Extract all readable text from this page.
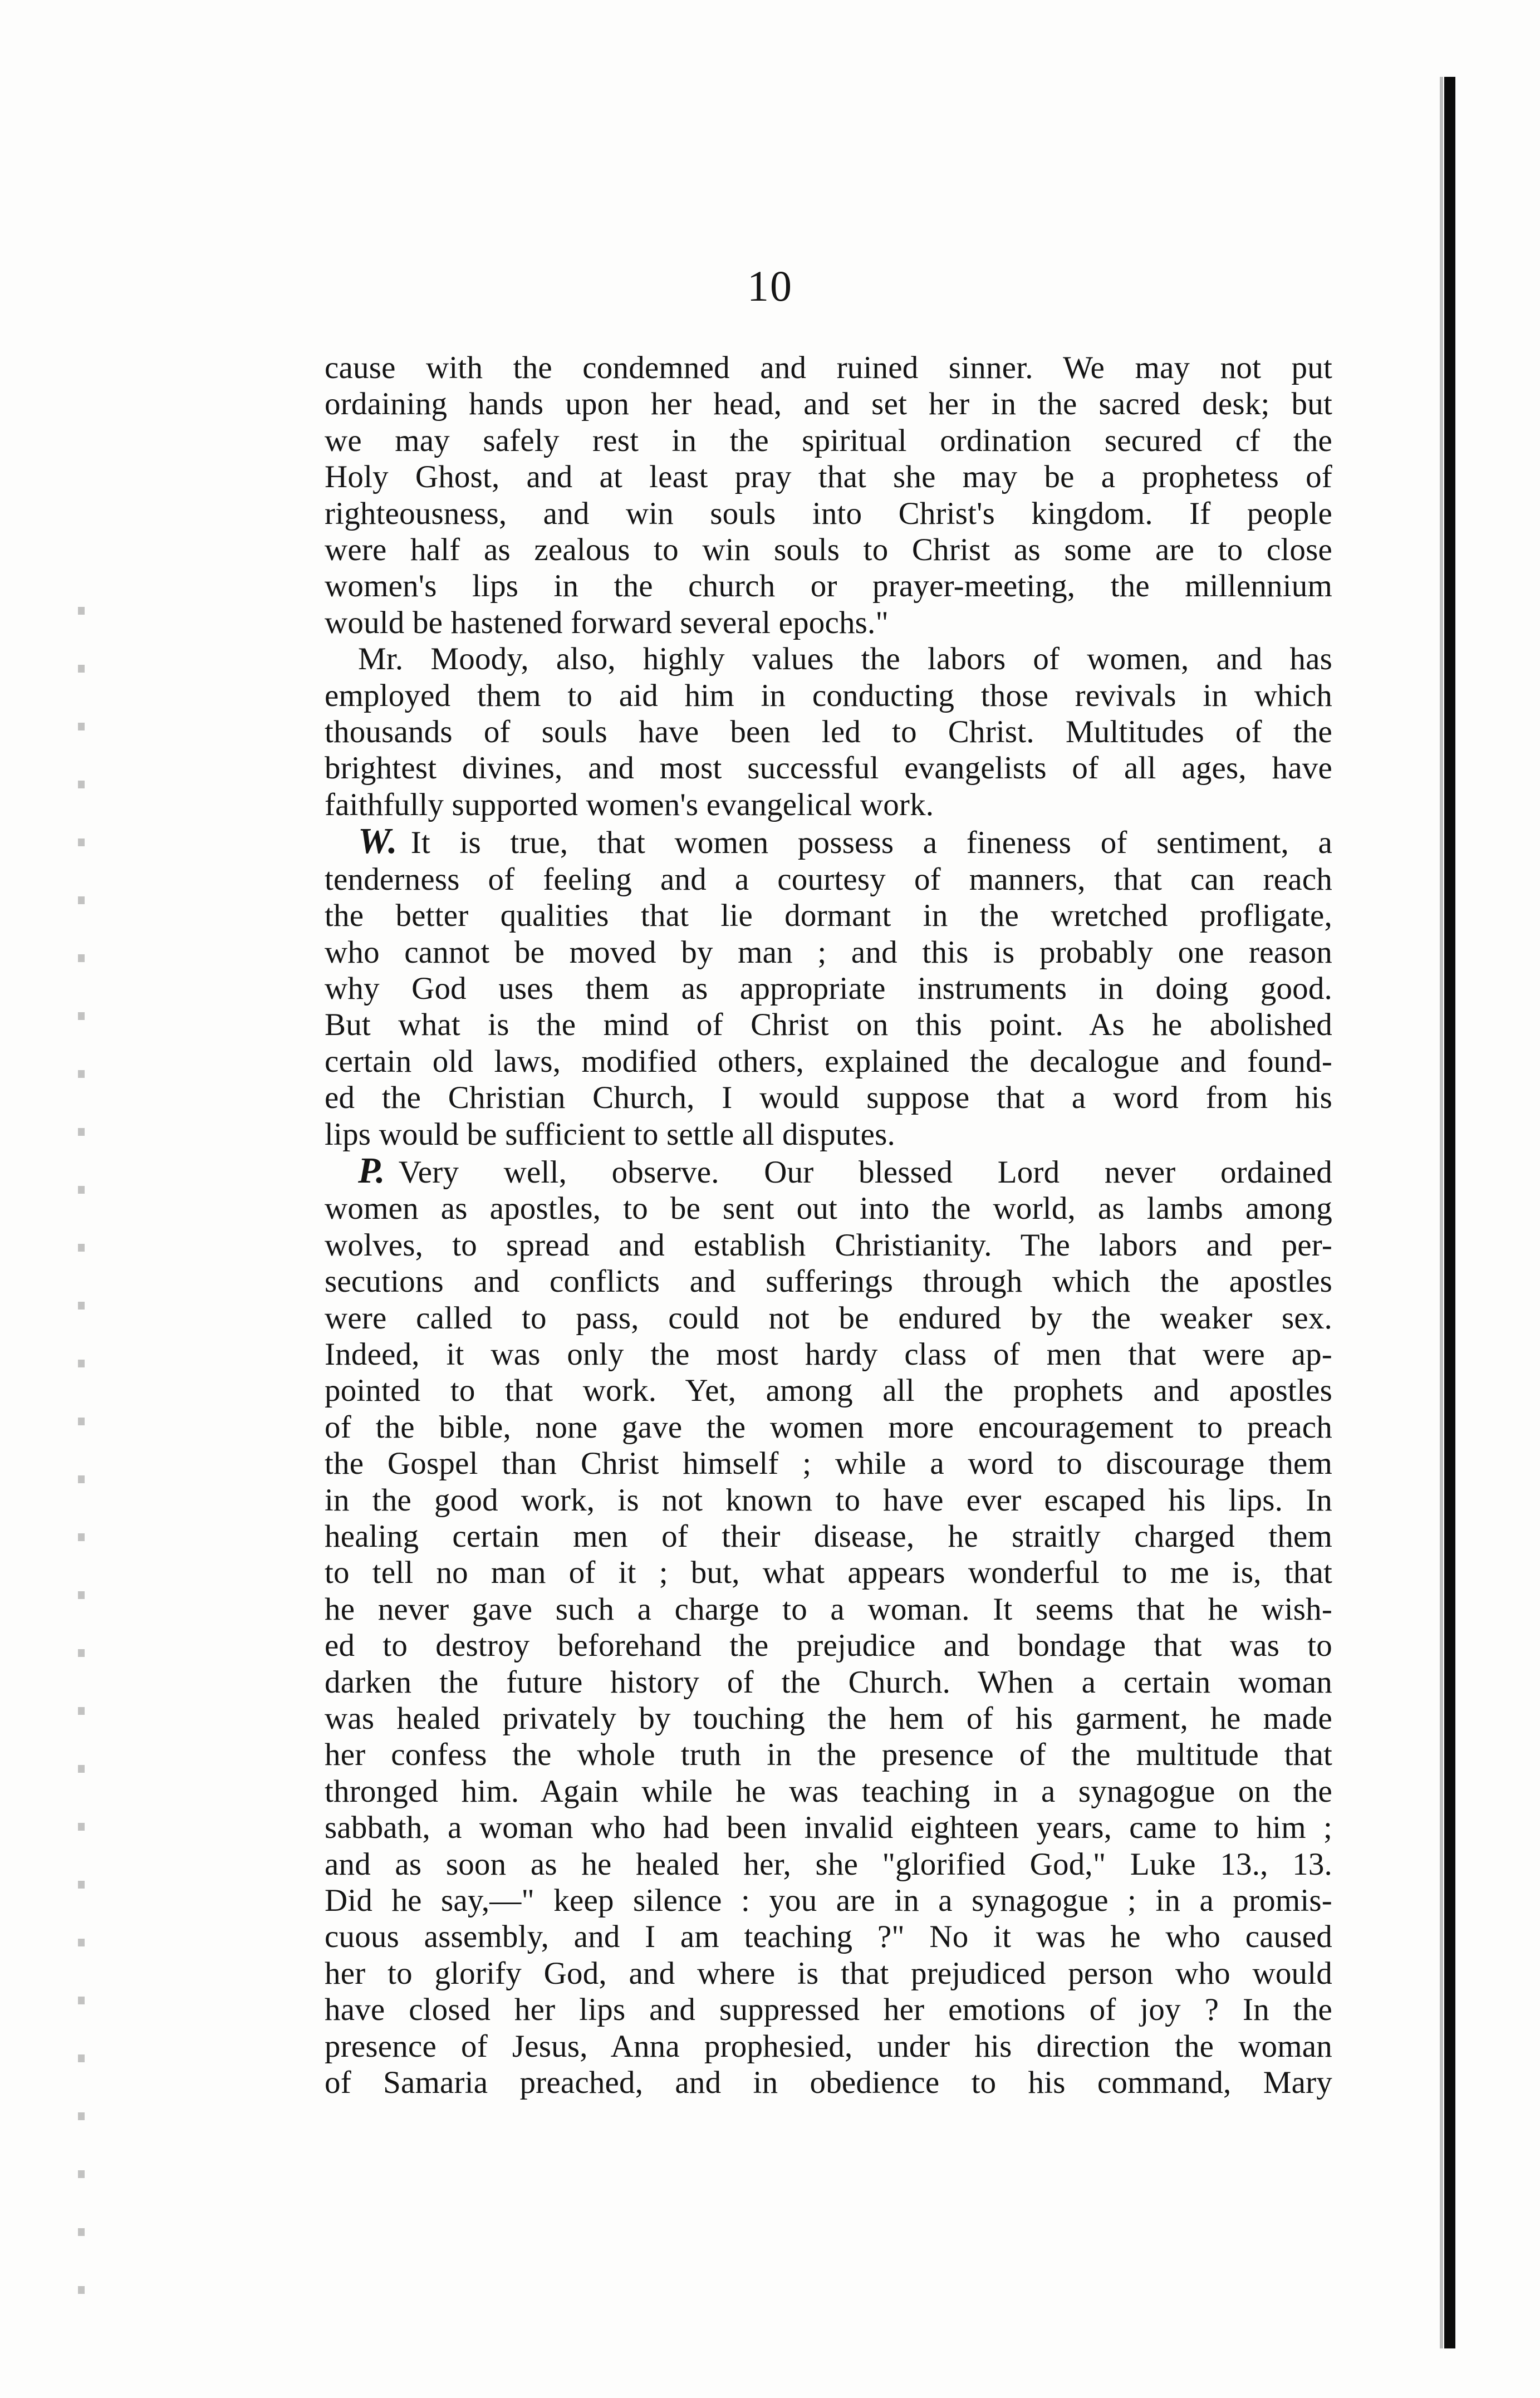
10
cause with the condemned and ruined sinner. We may not put
ordaining hands upon her head, and set her in the sacred desk; but
we may safely rest in the spiritual ordination secured cf the
Holy Ghost, and at least pray that she may be a prophetess of
righteousness, and win souls into Christ's kingdom. If people
were half as zealous to win souls to Christ as some are to close
women's lips in the church or prayer-meeting, the millennium
would be hastened forward several epochs."
Mr. Moody, also, highly values the labors of women, and has
employed them to aid him in conducting those revivals in which
thousands of souls have been led to Christ. Multitudes of the
brightest divines, and most successful evangelists of all ages, have
faithfully supported women's evangelical work.
W. It is true, that women possess a fineness of sentiment, a
tenderness of feeling and a courtesy of manners, that can reach
the better qualities that lie dormant in the wretched profligate,
who cannot be moved by man ; and this is probably one reason
why God uses them as appropriate instruments in doing good.
But what is the mind of Christ on this point. As he abolished
certain old laws, modified others, explained the decalogue and found-
ed the Christian Church, I would suppose that a word from his
lips would be sufficient to settle all disputes.
P. Very well, observe. Our blessed Lord never ordained
women as apostles, to be sent out into the world, as lambs among
wolves, to spread and establish Christianity. The labors and per-
secutions and conflicts and sufferings through which the apostles
were called to pass, could not be endured by the weaker sex.
Indeed, it was only the most hardy class of men that were ap-
pointed to that work. Yet, among all the prophets and apostles
of the bible, none gave the women more encouragement to preach
the Gospel than Christ himself ; while a word to discourage them
in the good work, is not known to have ever escaped his lips. In
healing certain men of their disease, he straitly charged them
to tell no man of it ; but, what appears wonderful to me is, that
he never gave such a charge to a woman. It seems that he wish-
ed to destroy beforehand the prejudice and bondage that was to
darken the future history of the Church. When a certain woman
was healed privately by touching the hem of his garment, he made
her confess the whole truth in the presence of the multitude that
thronged him. Again while he was teaching in a synagogue on the
sabbath, a woman who had been invalid eighteen years, came to him ;
and as soon as he healed her, she "glorified God," Luke 13., 13.
Did he say,—" keep silence : you are in a synagogue ; in a promis-
cuous assembly, and I am teaching ?" No it was he who caused
her to glorify God, and where is that prejudiced person who would
have closed her lips and suppressed her emotions of joy ? In the
presence of Jesus, Anna prophesied, under his direction the woman
of Samaria preached, and in obedience to his command, Mary
